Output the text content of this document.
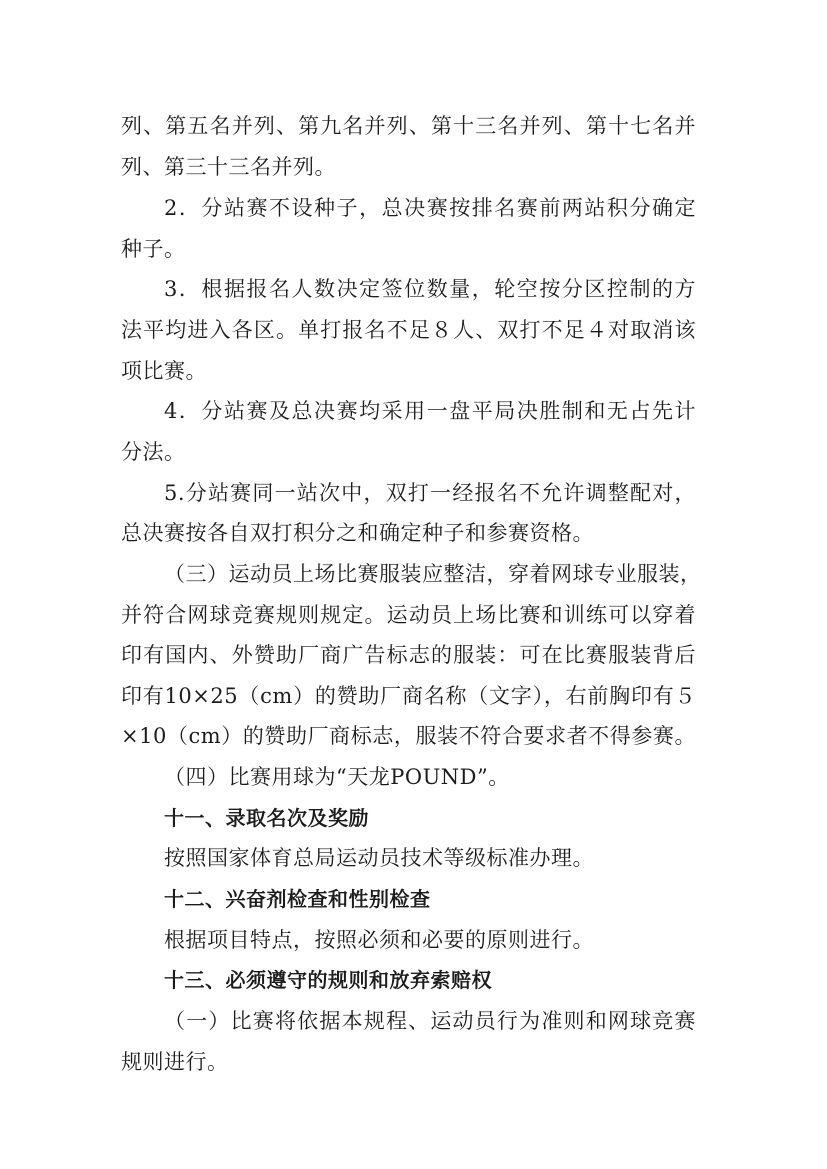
列、第五名并列、第九名并列、第十三名并列、第十七名并
列、第三十三名并列。
2．分站赛不设种子，总决赛按排名赛前两站积分确定
种子。
3．根据报名人数决定签位数量，轮空按分区控制的方
法平均进入各区。单打报名不足８人、双打不足４对取消该
项比赛。
4．分站赛及总决赛均采用一盘平局决胜制和无占先计
分法。
5.分站赛同一站次中，双打一经报名不允许调整配对，
总决赛按各自双打积分之和确定种子和参赛资格。
（三）运动员上场比赛服装应整洁，穿着网球专业服装，
并符合网球竞赛规则规定。运动员上场比赛和训练可以穿着
印有国内、外赞助厂商广告标志的服装：可在比赛服装背后
印有10×25（cm）的赞助厂商名称（文字），右前胸印有５
×10（cm）的赞助厂商标志，服装不符合要求者不得参赛。
（四）比赛用球为“天龙POUND”。
十一、录取名次及奖励
按照国家体育总局运动员技术等级标准办理。
十二、兴奋剂检查和性别检查
根据项目特点，按照必须和必要的原则进行。
十三、必须遵守的规则和放弃索赔权
（一）比赛将依据本规程、运动员行为准则和网球竞赛
规则进行。
